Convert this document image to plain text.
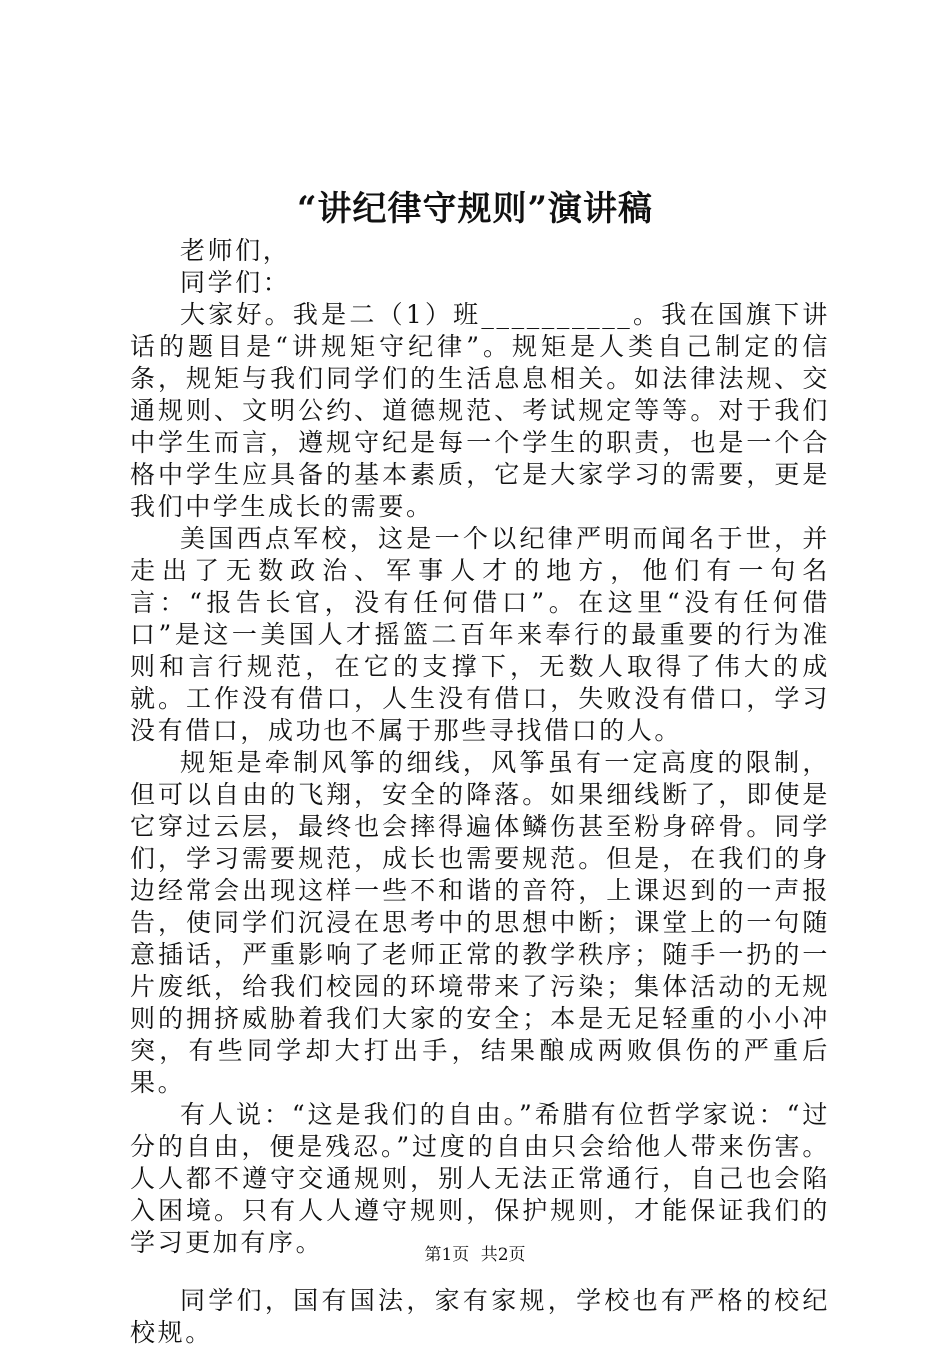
“讲纪律守规则”演讲稿

老师们，

同学们：

大家好。我是二（1）班__________。我在国旗下讲话的题目是“讲规矩守纪律”。规矩是人类自己制定的信条，规矩与我们同学们的生活息息相关。如法律法规、交通规则、文明公约、道德规范、考试规定等等。对于我们中学生而言，遵规守纪是每一个学生的职责，也是一个合格中学生应具备的基本素质，它是大家学习的需要，更是我们中学生成长的需要。

美国西点军校，这是一个以纪律严明而闻名于世，并走出了无数政治、军事人才的地方，他们有一句名言：“报告长官，没有任何借口”。在这里“没有任何借口”是这一美国人才摇篮二百年来奉行的最重要的行为准则和言行规范，在它的支撑下，无数人取得了伟大的成就。工作没有借口，人生没有借口，失败没有借口，学习没有借口，成功也不属于那些寻找借口的人。

规矩是牵制风筝的细线，风筝虽有一定高度的限制，但可以自由的飞翔，安全的降落。如果细线断了，即使是它穿过云层，最终也会摔得遍体鳞伤甚至粉身碎骨。同学们，学习需要规范，成长也需要规范。但是，在我们的身边经常会出现这样一些不和谐的音符，上课迟到的一声报告，使同学们沉浸在思考中的思想中断；课堂上的一句随意插话，严重影响了老师正常的教学秩序；随手一扔的一片废纸，给我们校园的环境带来了污染；集体活动的无规则的拥挤威胁着我们大家的安全；本是无足轻重的小小冲突，有些同学却大打出手，结果酿成两败俱伤的严重后果。

有人说：“这是我们的自由。”希腊有位哲学家说：“过分的自由，便是残忍。”过度的自由只会给他人带来伤害。人人都不遵守交通规则，别人无法正常通行，自己也会陷入困境。只有人人遵守规则，保护规则，才能保证我们的学习更加有序。

同学们，国有国法，家有家规，学校也有严格的校纪校规。

第1页 共2页
